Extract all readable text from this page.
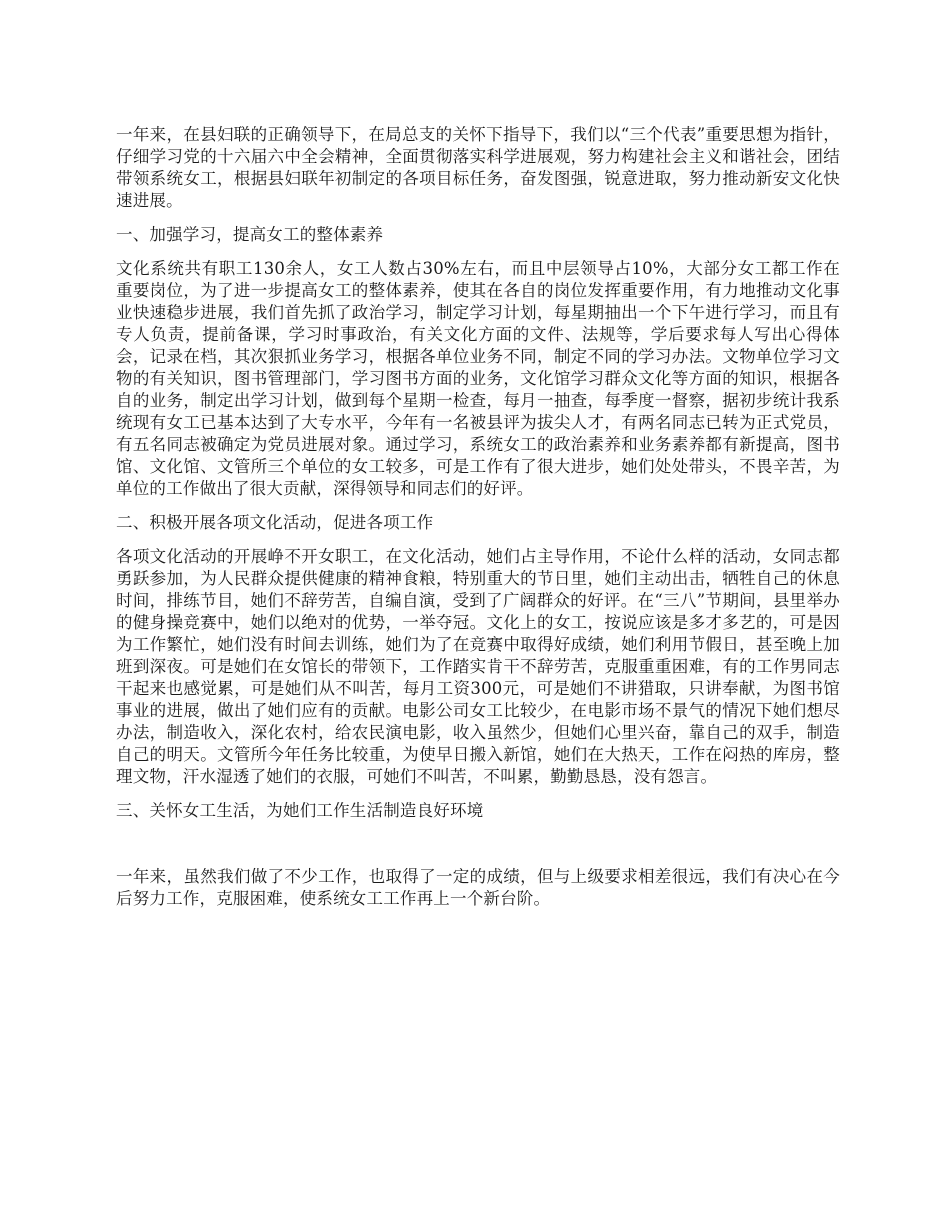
一年来，在县妇联的正确领导下，在局总支的关怀下指导下，我们以“三个代表”重要思想为指针，仔细学习党的十六届六中全会精神，全面贯彻落实科学进展观，努力构建社会主义和谐社会，团结带领系统女工，根据县妇联年初制定的各项目标任务，奋发图强，锐意进取，努力推动新安文化快速进展。

一、加强学习，提高女工的整体素养

文化系统共有职工130余人，女工人数占30%左右，而且中层领导占10%，大部分女工都工作在重要岗位，为了进一步提高女工的整体素养，使其在各自的岗位发挥重要作用，有力地推动文化事业快速稳步进展，我们首先抓了政治学习，制定学习计划，每星期抽出一个下午进行学习，而且有专人负责，提前备课，学习时事政治，有关文化方面的文件、法规等，学后要求每人写出心得体会，记录在档，其次狠抓业务学习，根据各单位业务不同，制定不同的学习办法。文物单位学习文物的有关知识，图书管理部门，学习图书方面的业务，文化馆学习群众文化等方面的知识，根据各自的业务，制定出学习计划，做到每个星期一检查，每月一抽查，每季度一督察，据初步统计我系统现有女工已基本达到了大专水平，今年有一名被县评为拔尖人才，有两名同志已转为正式党员，有五名同志被确定为党员进展对象。通过学习，系统女工的政治素养和业务素养都有新提高，图书馆、文化馆、文管所三个单位的女工较多，可是工作有了很大进步，她们处处带头，不畏辛苦，为单位的工作做出了很大贡献，深得领导和同志们的好评。

二、积极开展各项文化活动，促进各项工作

各项文化活动的开展峥不开女职工，在文化活动，她们占主导作用，不论什么样的活动，女同志都勇跃参加，为人民群众提供健康的精神食粮，特别重大的节日里，她们主动出击，牺牲自己的休息时间，排练节目，她们不辞劳苦，自编自演，受到了广阔群众的好评。在“三八”节期间，县里举办的健身操竞赛中，她们以绝对的优势，一举夺冠。文化上的女工，按说应该是多才多艺的，可是因为工作繁忙，她们没有时间去训练，她们为了在竞赛中取得好成绩，她们利用节假日，甚至晚上加班到深夜。可是她们在女馆长的带领下，工作踏实肯干不辞劳苦，克服重重困难，有的工作男同志干起来也感觉累，可是她们从不叫苦，每月工资300元，可是她们不讲猎取，只讲奉献，为图书馆事业的进展，做出了她们应有的贡献。电影公司女工比较少，在电影市场不景气的情况下她们想尽办法，制造收入，深化农村，给农民演电影，收入虽然少，但她们心里兴奋，靠自己的双手，制造自己的明天。文管所今年任务比较重，为使早日搬入新馆，她们在大热天，工作在闷热的库房，整理文物，汗水湿透了她们的衣服，可她们不叫苦，不叫累，勤勤恳恳，没有怨言。

三、关怀女工生活，为她们工作生活制造良好环境

一年来，虽然我们做了不少工作，也取得了一定的成绩，但与上级要求相差很远，我们有决心在今后努力工作，克服困难，使系统女工工作再上一个新台阶。
